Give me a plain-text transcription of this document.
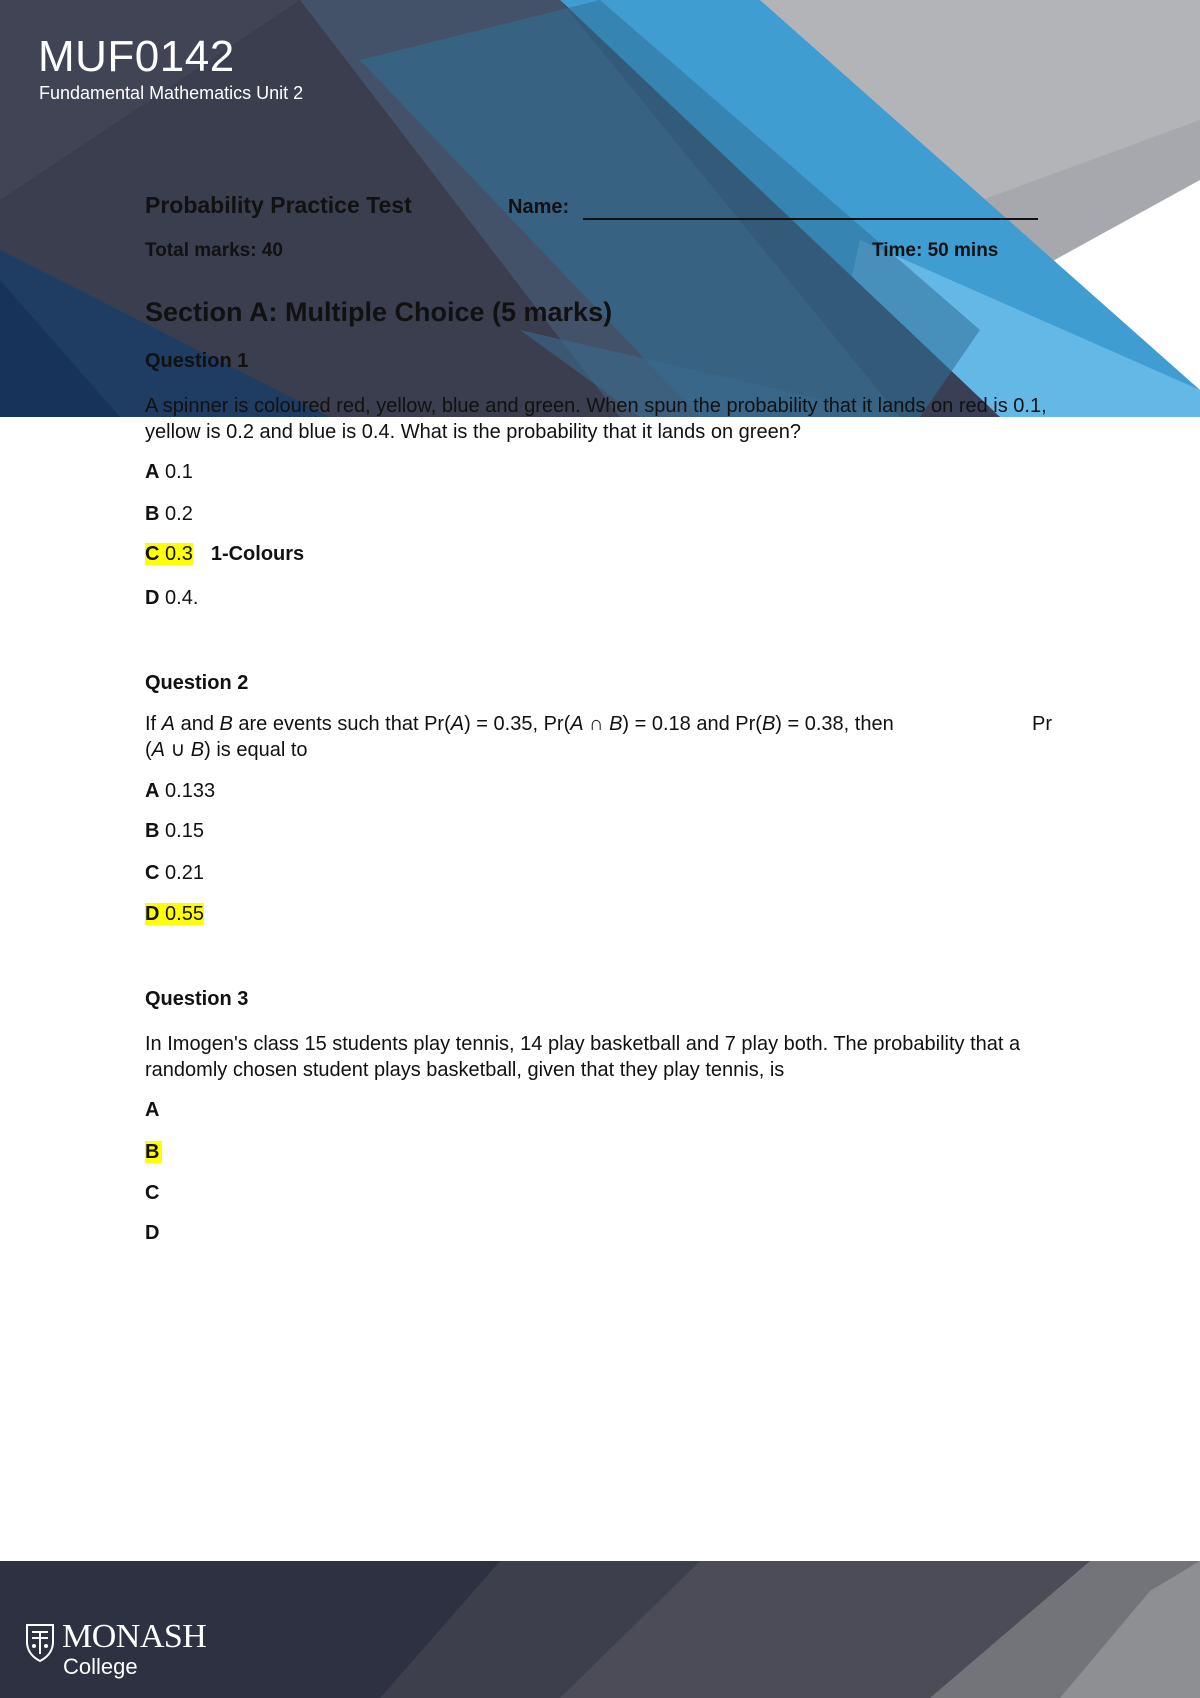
MUF0142
Fundamental Mathematics Unit 2
Probability Practice Test	Name:
Total marks: 40	Time: 50 mins
Section A: Multiple Choice (5 marks)
Question 1
A spinner is coloured red, yellow, blue and green. When spun the probability that it lands on red is 0.1, yellow is 0.2 and blue is 0.4. What is the probability that it lands on green?
A 0.1
B 0.2
C 0.3 1-Colours
D 0.4.
Question 2
If A and B are events such that Pr(A) = 0.35, Pr(A ∩ B) = 0.18 and Pr(B) = 0.38, then	Pr

(A ∪ B) is equal to
A 0.133
B 0.15
C 0.21
D 0.55
Question 3
In Imogen's class 15 students play tennis, 14 play basketball and 7 play both. The probability that a randomly chosen student plays basketball, given that they play tennis, is
A
B
C
D
MONASH
College
